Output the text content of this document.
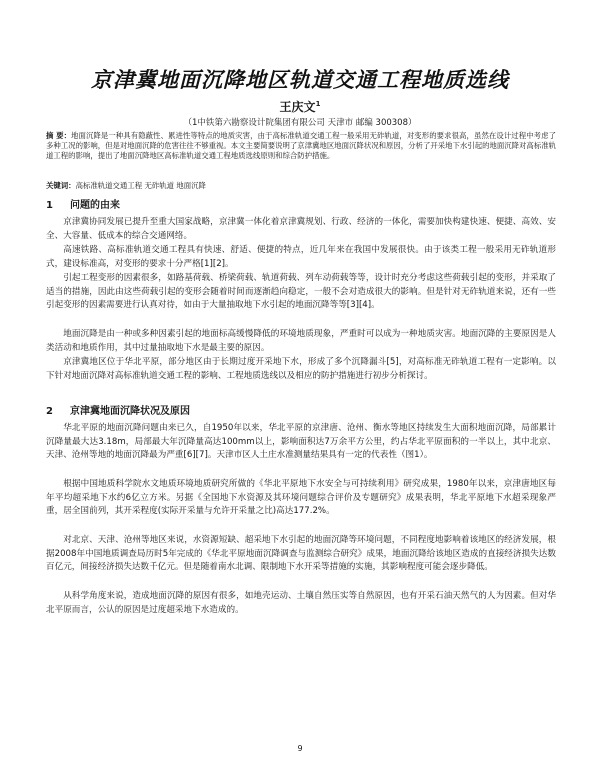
京津冀地面沉降地区轨道交通工程地质选线
王庆文$^1$
（1中铁第六勘察设计院集团有限公司 天津市 邮编 300308）
摘 要：地面沉降是一种具有隐蔽性、累进性等特点的地质灾害，由于高标准轨道交通工程一般采用无砟轨道，对变形的要求很高，虽然在设计过程中考虑了多种工况的影响，但是对地面沉降的危害往往不够重视。本文主要简要说明了京津冀地区地面沉降状况和原因，分析了开采地下水引起的地面沉降对高标准轨道工程的影响，提出了地面沉降地区高标准轨道交通工程地质选线原则和综合防护措施。
关键词：高标准轨道交通工程 无砟轨道 地面沉降
1 问题的由来

京津冀协同发展已提升至重大国家战略，京津冀一体化着京津冀规划、行政、经济的一体化，需要加快构建快速、便捷、高效、安全、大容量、低成本的综合交通网络。

高速铁路、高标准轨道交通工程具有快速、舒适、便捷的特点，近几年来在我国中发展很快。由于该类工程一般采用无砟轨道形式，建设标准高，对变形的要求十分严格[1][2]。

引起工程变形的因素很多，如路基荷载、桥梁荷载、轨道荷载、列车动荷载等等，设计时充分考虑这些荷载引起的变形，并采取了适当的措施，因此由这些荷载引起的变形会随着时间而逐渐趋向稳定，一般不会对造成很大的影响。但是针对无砟轨道来说，还有一些引起变形的因素需要进行认真对待，如由于大量抽取地下水引起的地面沉降等等[3][4]。

地面沉降是由一种或多种因素引起的地面标高缓慢降低的环境地质现象，严重时可以成为一种地质灾害。地面沉降的主要原因是人类活动和地质作用，其中过量抽取地下水是最主要的原因。

京津冀地区位于华北平原，部分地区由于长期过度开采地下水，形成了多个沉降漏斗[5]，对高标准无砟轨道工程有一定影响。以下针对地面沉降对高标准轨道交通工程的影响、工程地质选线以及相应的防护措施进行初步分析探讨。

2 京津冀地面沉降状况及原因

华北平原的地面沉降问题由来已久，自1950年以来，华北平原的京津唐、沧州、衡水等地区持续发生大面积地面沉降，局部累计沉降量最大达3.18m，局部最大年沉降量高达100mm以上，影响面积达7万余平方公里，约占华北平原面积的一半以上，其中北京、天津、沧州等地的地面沉降最为严重[6][7]。天津市区人土庄水准测量结果具有一定的代表性（图1）。

根据中国地质科学院水文地质环境地质研究所做的《华北平原地下水安全与可持续利用》研究成果，1980年以来，京津唐地区每年平均超采地下水约6亿立方米。另据《全国地下水资源及其环境问题综合评价及专题研究》成果表明，华北平原地下水超采现象严重，居全国前列，其开采程度(实际开采量与允许开采量之比)高达177.2%。

对北京、天津、沧州等地区来说，水资源短缺、超采地下水引起的地面沉降等环境问题，不同程度地影响着该地区的经济发展，根据2008年中国地质调查局历时5年完成的《华北平原地面沉降调查与监测综合研究》成果，地面沉降给该地区造成的直接经济损失达数百亿元，间接经济损失达数千亿元。但是随着南水北调、限制地下水开采等措施的实施，其影响程度可能会逐步降低。

从科学角度来说，造成地面沉降的原因有很多，如地壳运动、土壤自然压实等自然原因，也有开采石油天然气的人为因素。但对华北平原而言，公认的原因是过度超采地下水造成的。

9
